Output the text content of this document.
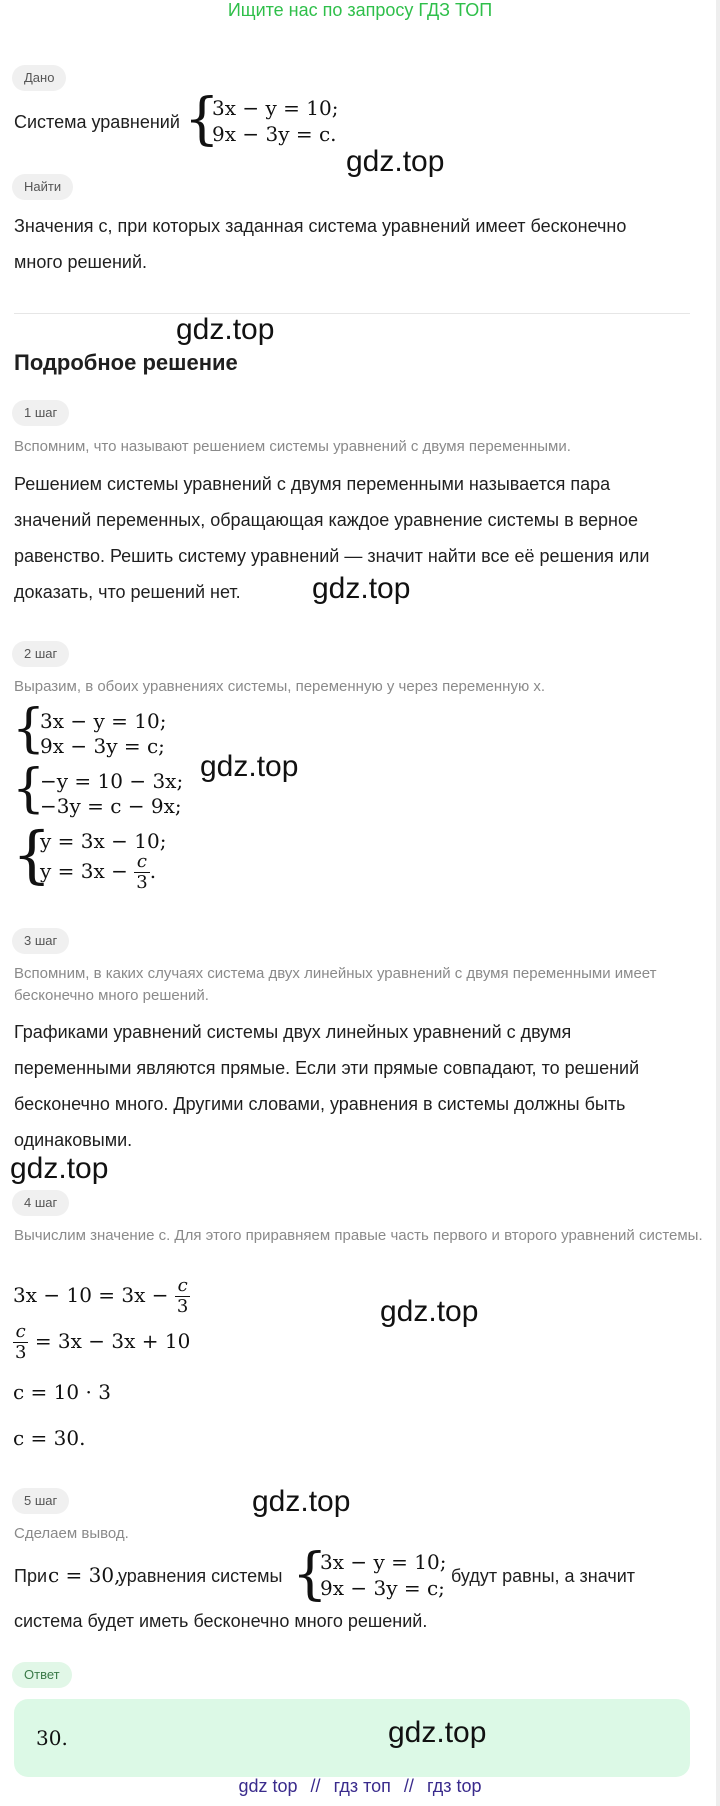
Ищите нас по запросу ГДЗ ТОП
Дано
Система уравнений {
3x − y = 10;
9x − 3y = c.
gdz.top
Найти
Значения c, при которых заданная система уравнений имеет бесконечно много решений.
gdz.top
Подробное решение
1 шаг
Вспомним, что называют решением системы уравнений с двумя переменными.
Решением системы уравнений с двумя переменными называется пара значений переменных, обращающая каждое уравнение системы в верное равенство. Решить систему уравнений — значит найти все её решения или доказать, что решений нет.	gdz.top
2 шаг
Выразим, в обоих уравнениях системы, переменную y через переменную x.
{
3x − y = 10;
9x − 3y = c;
{
−y = 10 − 3x;
−3y = c − 9x;
gdz.top
{
y = 3x − 10;
$y = 3x - \frac{c}{3}$ .
3 шаг
Вспомним, в каких случаях система двух линейных уравнений с двумя переменными имеет бесконечно много решений.
Графиками уравнений системы двух линейных уравнений с двумя переменными являются прямые. Если эти прямые совпадают, то решений бесконечно много. Другими словами, уравнения в системы должны быть одинаковыми.
gdz.top
4 шаг
Вычислим значение c. Для этого приравняем правые часть первого и второго уравнений системы.
$3x - 10 = 3x - \frac{c}{3}$
$\frac{c}{3} = 3x - 3x + 10$
c = 10 · 3
c = 30.
gdz.top
gdz.top
5 шаг
Сделаем вывод.
При c = 30,
уравнения системы {
3x − y = 10;
9x − 3y = c; будут равны, а значит
система будет иметь бесконечно много решений.
Ответ
30.	gdz.top
gdz top // гдз топ // гдз top
